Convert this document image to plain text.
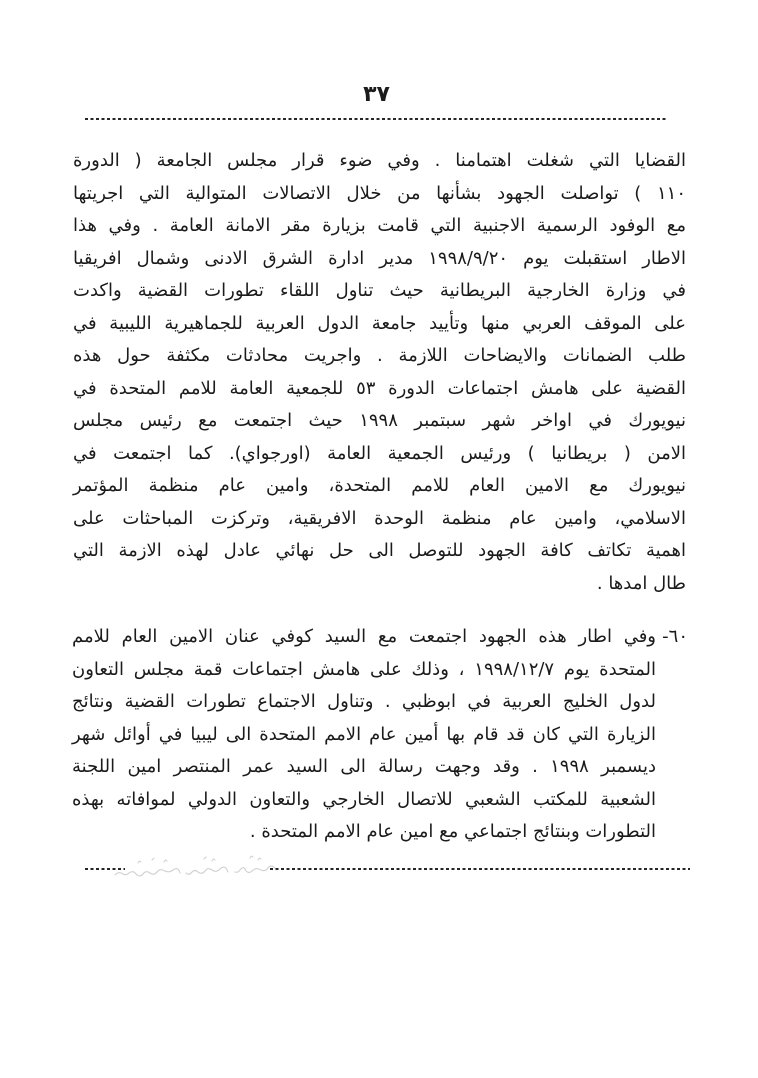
٣٧
القضايا التي شغلت اهتمامنا . وفي ضوء قرار مجلس الجامعة ( الدورة
١١٠ ) تواصلت الجهود بشأنها من خلال الاتصالات المتوالية التي اجريتها
مع الوفود الرسمية الاجنبية التي قامت بزيارة مقر الامانة العامة . وفي هذا
الاطار استقبلت يوم ١٩٩٨/٩/٢٠ مدير ادارة الشرق الادنى وشمال افريقيا
في وزارة الخارجية البريطانية حيث تناول اللقاء تطورات القضية واكدت
على الموقف العربي منها وتأييد جامعة الدول العربية للجماهيرية الليبية في
طلب الضمانات والايضاحات اللازمة . واجريت محادثات مكثفة حول هذه
القضية على هامش اجتماعات الدورة ٥٣ للجمعية العامة للامم المتحدة في
نيويورك في اواخر شهر سبتمبر ١٩٩٨ حيث اجتمعت مع رئيس مجلس
الامن ( بريطانيا ) ورئيس الجمعية العامة (اورجواي). كما اجتمعت في
نيويورك مع الامين العام للامم المتحدة، وامين عام منظمة المؤتمر
الاسلامي، وامين عام منظمة الوحدة الافريقية، وتركزت المباحثات على
اهمية تكاتف كافة الجهود للتوصل الى حل نهائي عادل لهذه الازمة التي
طال امدها .
٦٠-
وفي اطار هذه الجهود اجتمعت مع السيد كوفي عنان الامين العام للامم
المتحدة يوم ١٩٩٨/١٢/٧ ، وذلك على هامش اجتماعات قمة مجلس التعاون
لدول الخليج العربية في ابوظبي . وتناول الاجتماع تطورات القضية ونتائج
الزيارة التي كان قد قام بها أمين عام الامم المتحدة الى ليبيا في أوائل شهر
ديسمبر ١٩٩٨ . وقد وجهت رسالة الى السيد عمر المنتصر امين اللجنة
الشعبية للمكتب الشعبي للاتصال الخارجي والتعاون الدولي لموافاته بهذه
التطورات وبنتائج اجتماعي مع امين عام الامم المتحدة .
